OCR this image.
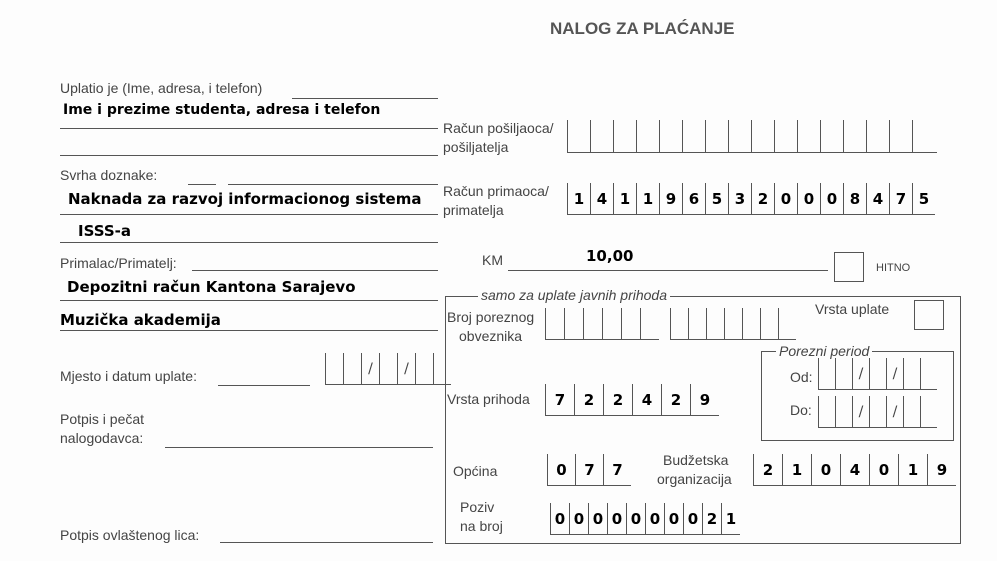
NALOG ZA PLAĆANJE
Uplatio je (Ime, adresa, i telefon)
Ime i prezime studenta, adresa i telefon
Svrha doznake:
Naknada za razvoj informacionog sistema
ISSS-a
Primalac/Primatelj:
Depozitni račun Kantona Sarajevo
Muzička akademija
Mjesto i datum uplate:	/ /
Potpis i pečat
nalogodavca:
Potpis ovlaštenog lica:
Račun pošiljaoca/
pošiljatelja
Račun primaoca/
primatelja
1 4 1 1 9 6 5 3 2 0 0 0 8 4 7 5
KM	10,00
HITNO
samo za uplate javnih prihoda
Broj poreznog
obveznika
Vrsta uplate
Porezni period
Od:	/ /
Do:	/ /
Vrsta prihoda	7	2	2	4	2	9
Općina	0	7	7
Budžetska
organizacija	2	1	0	4	0	1	9
Poziv
na broj	0 0 0 0 0 0 0 0 2 1
